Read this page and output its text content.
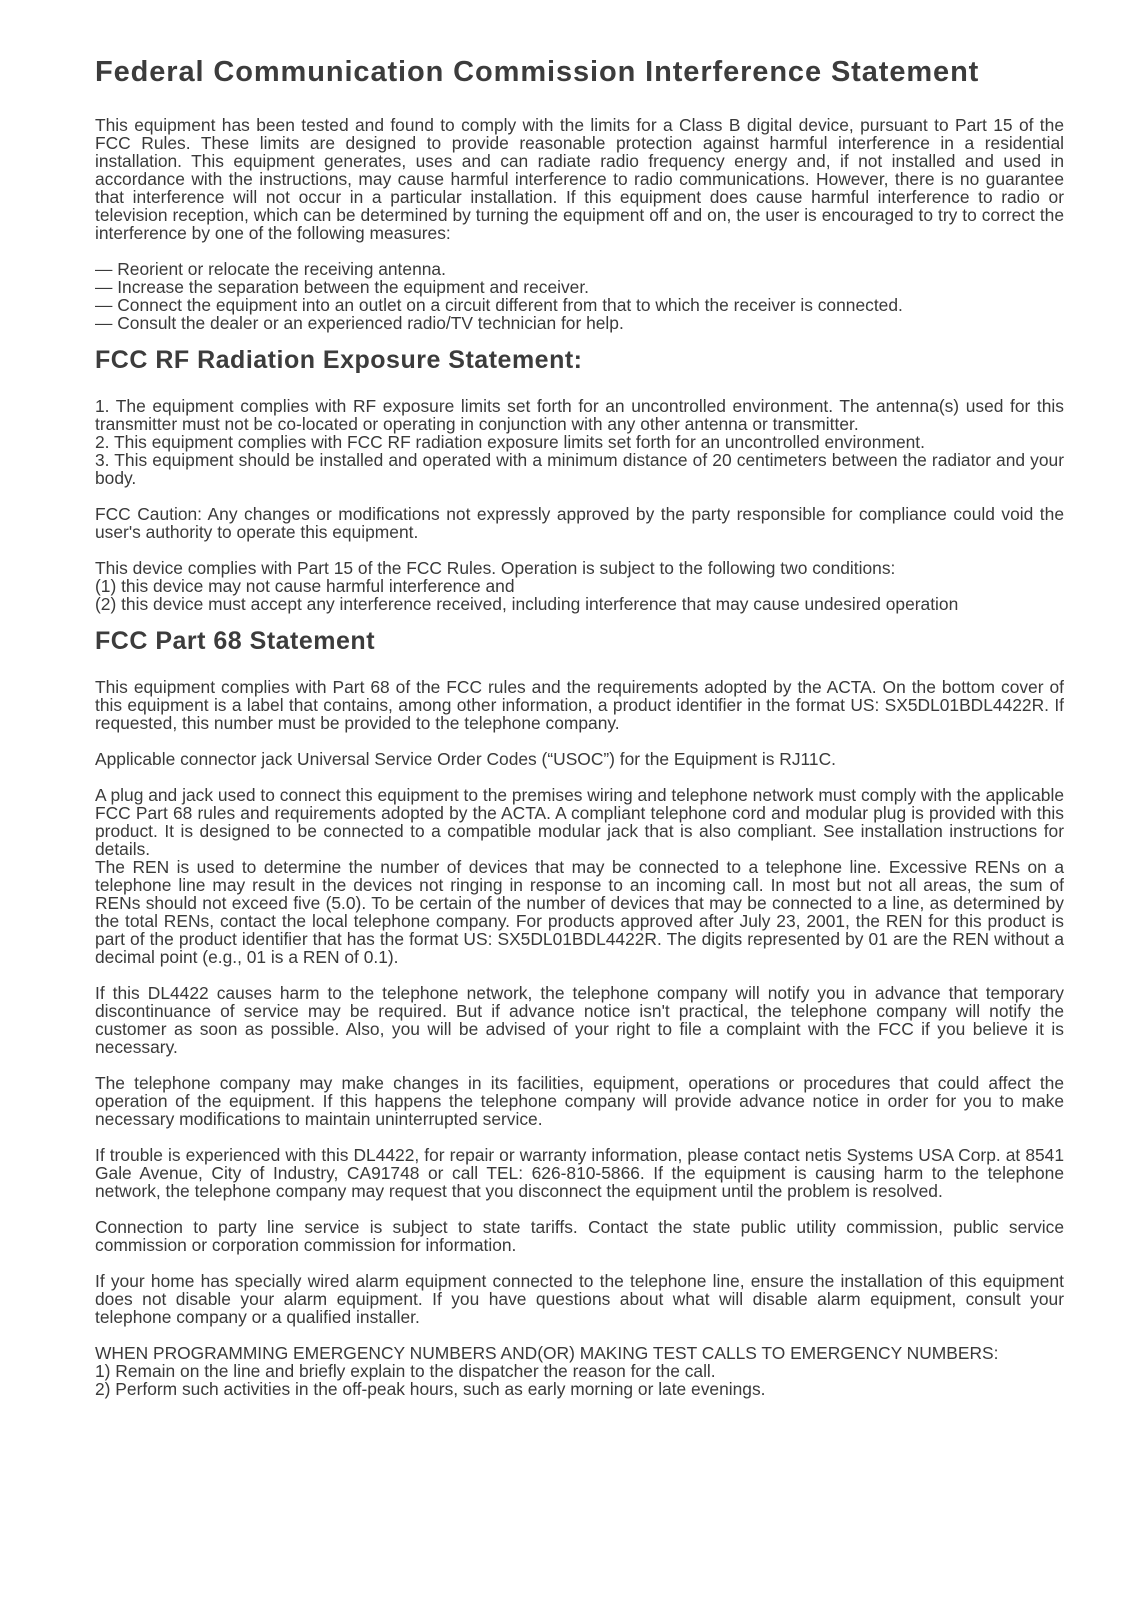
Federal Communication Commission Interference Statement

This equipment has been tested and found to comply with the limits for a Class B digital device, pursuant to Part 15 of the FCC Rules. These limits are designed to provide reasonable protection against harmful interference in a residential installation. This equipment generates, uses and can radiate radio frequency energy and, if not installed and used in accordance with the instructions, may cause harmful interference to radio communications. However, there is no guarantee that interference will not occur in a particular installation. If this equipment does cause harmful interference to radio or television reception, which can be determined by turning the equipment off and on, the user is encouraged to try to correct the interference by one of the following measures:

— Reorient or relocate the receiving antenna.
— Increase the separation between the equipment and receiver.
— Connect the equipment into an outlet on a circuit different from that to which the receiver is connected.
— Consult the dealer or an experienced radio/TV technician for help.
FCC RF Radiation Exposure Statement:

1. The equipment complies with RF exposure limits set forth for an uncontrolled environment. The antenna(s) used for this transmitter must not be co-located or operating in conjunction with any other antenna or transmitter.

2. This equipment complies with FCC RF radiation exposure limits set forth for an uncontrolled environment.

3. This equipment should be installed and operated with a minimum distance of 20 centimeters between the radiator and your body.

FCC Caution: Any changes or modifications not expressly approved by the party responsible for compliance could void the user's authority to operate this equipment.

This device complies with Part 15 of the FCC Rules. Operation is subject to the following two conditions:

(1) this device may not cause harmful interference and

(2) this device must accept any interference received, including interference that may cause undesired operation

FCC Part 68 Statement

This equipment complies with Part 68 of the FCC rules and the requirements adopted by the ACTA. On the bottom cover of this equipment is a label that contains, among other information, a product identifier in the format US: SX5DL01BDL4422R. If requested, this number must be provided to the telephone company.

Applicable connector jack Universal Service Order Codes (“USOC”) for the Equipment is RJ11C.

A plug and jack used to connect this equipment to the premises wiring and telephone network must comply with the applicable FCC Part 68 rules and requirements adopted by the ACTA. A compliant telephone cord and modular plug is provided with this product. It is designed to be connected to a compatible modular jack that is also compliant. See installation instructions for details.

The REN is used to determine the number of devices that may be connected to a telephone line. Excessive RENs on a telephone line may result in the devices not ringing in response to an incoming call. In most but not all areas, the sum of RENs should not exceed five (5.0). To be certain of the number of devices that may be connected to a line, as determined by the total RENs, contact the local telephone company. For products approved after July 23, 2001, the REN for this product is part of the product identifier that has the format US: SX5DL01BDL4422R. The digits represented by 01 are the REN without a decimal point (e.g., 01 is a REN of 0.1).

If this DL4422 causes harm to the telephone network, the telephone company will notify you in advance that temporary discontinuance of service may be required. But if advance notice isn't practical, the telephone company will notify the customer as soon as possible. Also, you will be advised of your right to file a complaint with the FCC if you believe it is necessary.

The telephone company may make changes in its facilities, equipment, operations or procedures that could affect the operation of the equipment. If this happens the telephone company will provide advance notice in order for you to make necessary modifications to maintain uninterrupted service.

If trouble is experienced with this DL4422, for repair or warranty information, please contact netis Systems USA Corp. at 8541 Gale Avenue, City of Industry, CA91748 or call TEL: 626-810-5866. If the equipment is causing harm to the telephone network, the telephone company may request that you disconnect the equipment until the problem is resolved.

Connection to party line service is subject to state tariffs. Contact the state public utility commission, public service commission or corporation commission for information.

If your home has specially wired alarm equipment connected to the telephone line, ensure the installation of this equipment does not disable your alarm equipment. If you have questions about what will disable alarm equipment, consult your telephone company or a qualified installer.

WHEN PROGRAMMING EMERGENCY NUMBERS AND(OR) MAKING TEST CALLS TO EMERGENCY NUMBERS:

1) Remain on the line and briefly explain to the dispatcher the reason for the call.

2) Perform such activities in the off-peak hours, such as early morning or late evenings.
